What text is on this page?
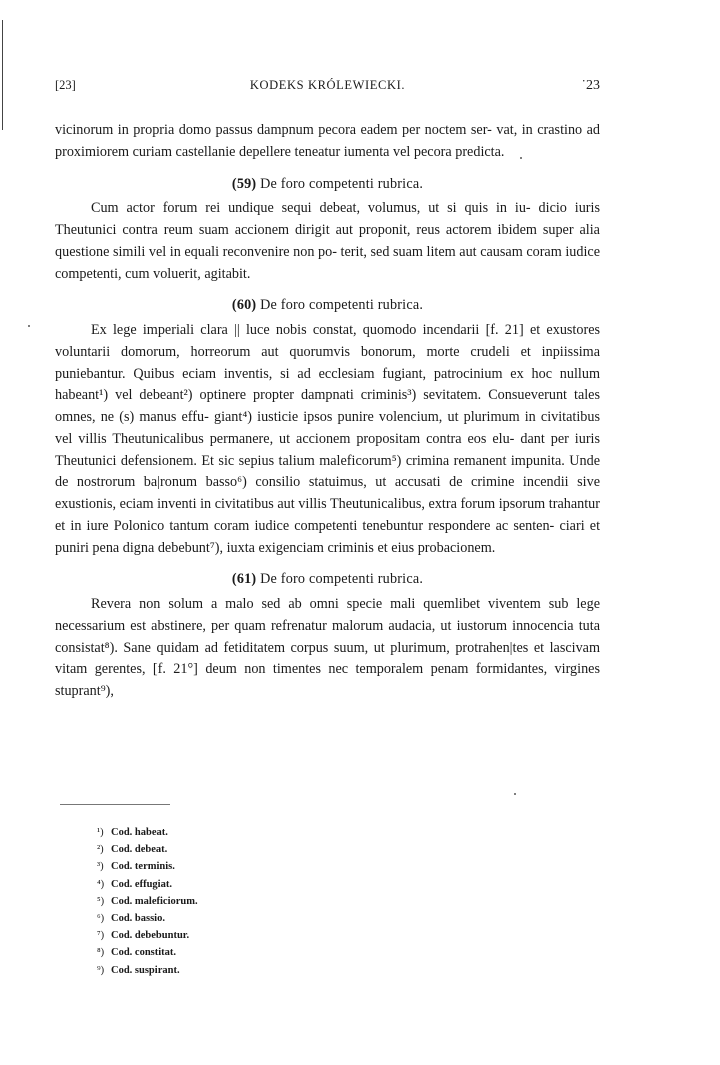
[23]	KODEKS KRÓLEWIECKI.	˙23

vicinorum in propria domo passus dampnum pecora eadem per noctem ser- vat, in crastino ad proximiorem curiam castellanie depellere teneatur iumenta vel pecora predicta.

(59) De foro competenti rubrica.

Cum actor forum rei undique sequi debeat, volumus, ut si quis in iu- dicio iuris Theutunici contra reum suam accionem dirigit aut proponit, reus actorem ibidem super alia questione simili vel in equali reconvenire non po- terit, sed suam litem aut causam coram iudice competenti, cum voluerit, agitabit.

(60) De foro competenti rubrica.

Ex lege imperiali clara || luce nobis constat, quomodo incendarii [f. 21] et exustores voluntarii domorum, horreorum aut quorumvis bonorum, morte crudeli et inpiissima puniebantur. Quibus eciam inventis, si ad ecclesiam fugiant, patrocinium ex hoc nullum habeant¹) vel debeant²) optinere propter dampnati criminis³) sevitatem. Consueverunt tales omnes, ne (s) manus effu- giant⁴) iusticie ipsos punire volencium, ut plurimum in civitatibus vel villis Theutunicalibus permanere, ut accionem propositam contra eos elu- dant per iuris Theutunici defensionem. Et sic sepius talium maleficorum⁵) crimina remanent impunita. Unde de nostrorum ba|ronum basso⁶) consilio statuimus, ut accusati de crimine incendii sive exustionis, eciam inventi in civitatibus aut villis Theutunicalibus, extra forum ipsorum trahantur et in iure Polonico tantum coram iudice competenti tenebuntur respondere ac senten- ciari et puniri pena digna debebunt⁷), iuxta exigenciam criminis et eius probacionem.

(61) De foro competenti rubrica.

Revera non solum a malo sed ab omni specie mali quemlibet viventem sub lege necessarium est abstinere, per quam refrenatur malorum audacia, ut iustorum innocencia tuta consistat⁸). Sane quidam ad fetiditatem corpus suum, ut plurimum, protrahen|tes et lascivam vitam gerentes, [f. 21°] deum non timentes nec temporalem penam formidantes, virgines stuprant⁹),

¹) Cod. habeat.
²) Cod. debeat.
³) Cod. terminis.
⁴) Cod. effugiat.
⁵) Cod. maleficiorum.
⁶) Cod. bassio.
⁷) Cod. debebuntur.
⁸) Cod. constitat.
⁹) Cod. suspirant.
